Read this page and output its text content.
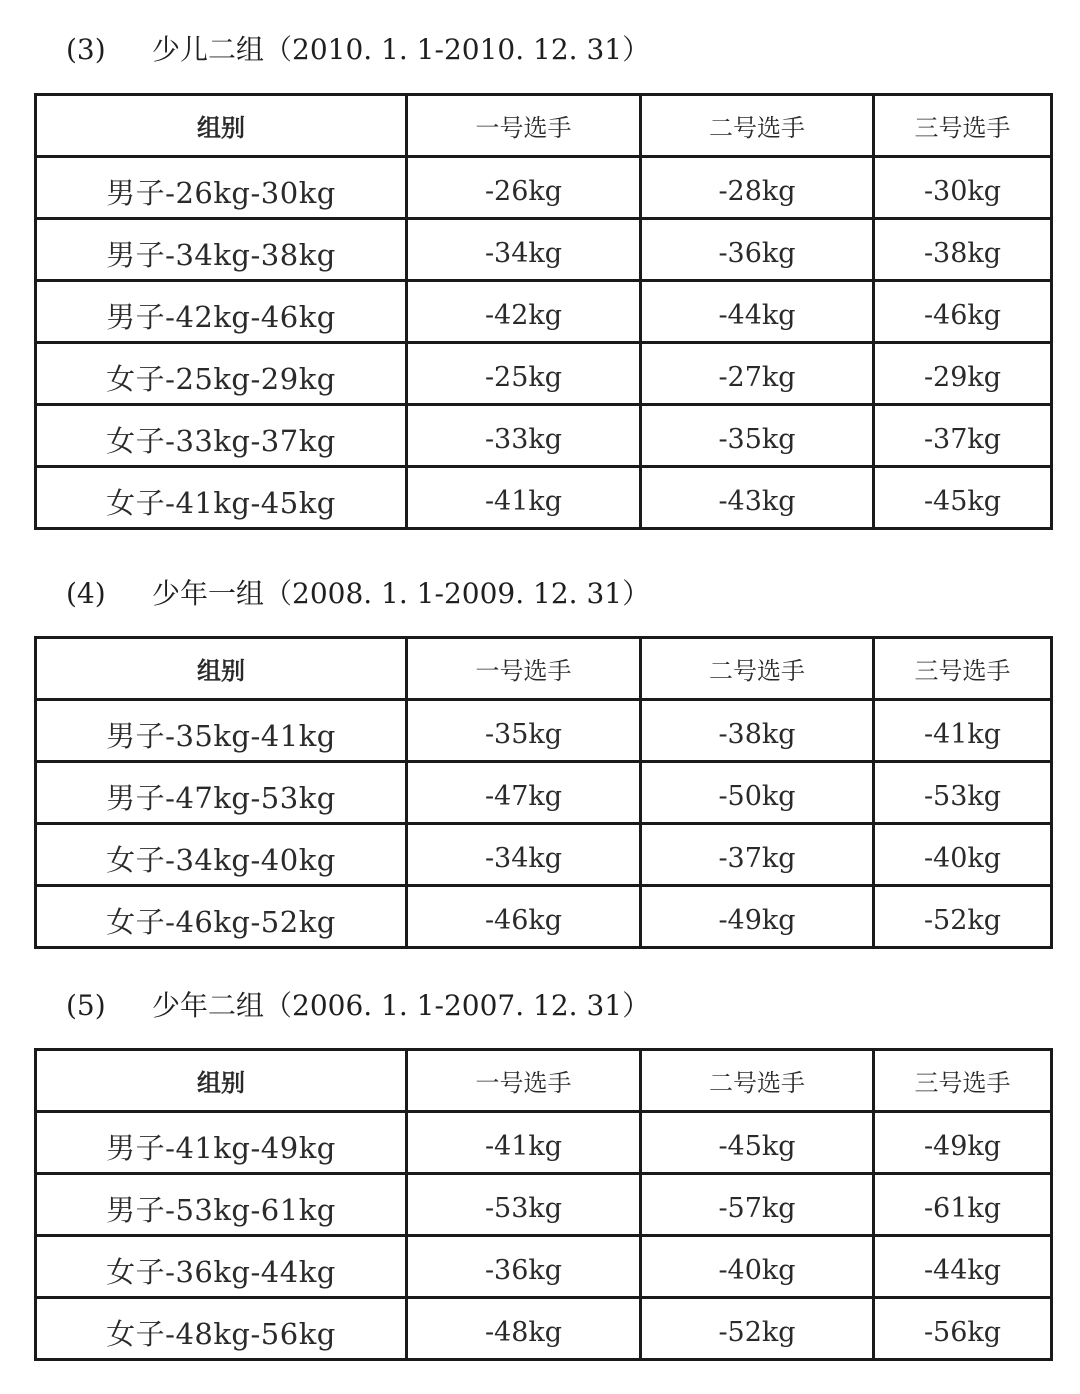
(3) 少儿二组（2010. 1. 1-2010. 12. 31）
组别	一号选手	二号选手	三号选手
男子-26kg-30kg	-26kg	-28kg	-30kg
男子-34kg-38kg	-34kg	-36kg	-38kg
男子-42kg-46kg	-42kg	-44kg	-46kg
女子-25kg-29kg	-25kg	-27kg	-29kg
女子-33kg-37kg	-33kg	-35kg	-37kg
女子-41kg-45kg	-41kg	-43kg	-45kg
(4) 少年一组（2008. 1. 1-2009. 12. 31）
组别	一号选手	二号选手	三号选手
男子-35kg-41kg	-35kg	-38kg	-41kg
男子-47kg-53kg	-47kg	-50kg	-53kg
女子-34kg-40kg	-34kg	-37kg	-40kg
女子-46kg-52kg	-46kg	-49kg	-52kg
(5) 少年二组（2006. 1. 1-2007. 12. 31）
组别	一号选手	二号选手	三号选手
男子-41kg-49kg	-41kg	-45kg	-49kg
男子-53kg-61kg	-53kg	-57kg	-61kg
女子-36kg-44kg	-36kg	-40kg	-44kg
女子-48kg-56kg	-48kg	-52kg	-56kg
